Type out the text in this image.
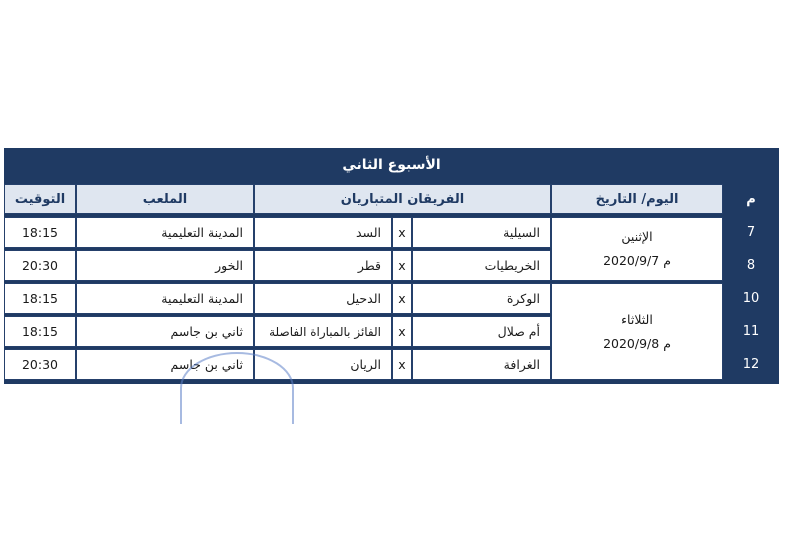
الأسبوع الثاني
م
اليوم/ التاريخ
الفريقان المتباريان
الملعب
التوقيت
7
8
10
11
12
الإثنين
2020/9/7 م
الثلاثاء
2020/9/8 م
السيلية
x
السد
المدينة التعليمية
18:15
الخريطيات
x
قطر
الخور
20:30
الوكرة
x
الدحيل
المدينة التعليمية
18:15
أم صلال
x
الفائز بالمباراة الفاصلة
ثاني بن جاسم
18:15
الغرافة
x
الريان
ثاني بن جاسم
20:30
